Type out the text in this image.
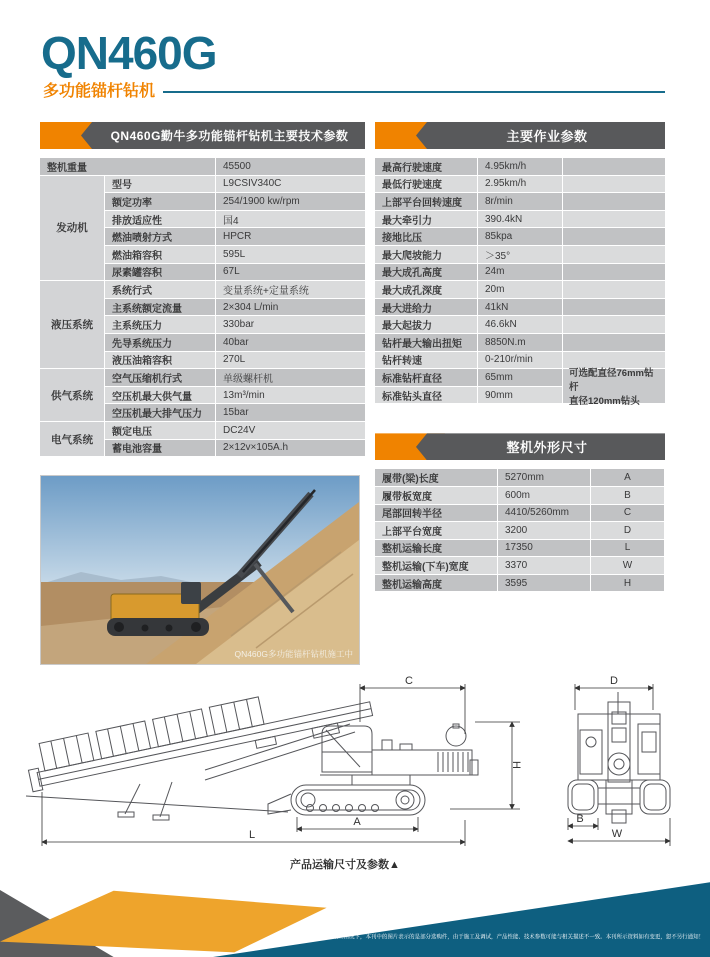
QN460G
多功能锚杆钻机
QN460G勤牛多功能锚杆钻机主要技术参数
整机重量	45500
发动机
型号	L9CSIV340C
额定功率	254/1900 kw/rpm
排放适应性	国4
燃油喷射方式	HPCR
燃油箱容积	595L
尿素罐容积	67L
液压系统
系统行式	变量系统+定量系统
主系统额定流量	2×304 L/min
主系统压力	330bar
先导系统压力	40bar
液压油箱容积	270L
供气系统
空气压缩机行式	单级螺杆机
空压机最大供气量	13m³/min
空压机最大排气压力	15bar
电气系统
额定电压	DC24V
蓄电池容量	2×12v×105A.h
主要作业参数
最高行驶速度	4.95km/h
最低行驶速度	2.95km/h
上部平台回转速度	8r/min
最大牵引力	390.4kN
接地比压	85kpa
最大爬坡能力	＞35°
最大成孔高度	24m
最大成孔深度	20m
最大进给力	41kN
最大起拔力	46.6kN
钻杆最大输出扭矩	8850N.m
钻杆转速	0-210r/min
标准钻杆直径	65mm	可选配直径76mm钻杆
直径120mm钻头
标准钻头直径	90mm
整机外形尺寸
履带(梁)长度	5270mm	A
履带板宽度	600m	B
尾部回转半径	4410/5260mm	C
上部平台宽度	3200	D
整机运输长度	17350	L
整机运输(下车)宽度	3370	W
整机运输高度	3595	H
QN460G多功能锚杆钻机施工中
C
H
A
L
D
B
W
产品运输尺寸及参数▲
在某些情况下，本刊中的图片表示的是部分选购件，由于施工及调试，产品性能、技术参数可能与相关描述不一致。本刊所示资料如有变更，恕不另行通知！
